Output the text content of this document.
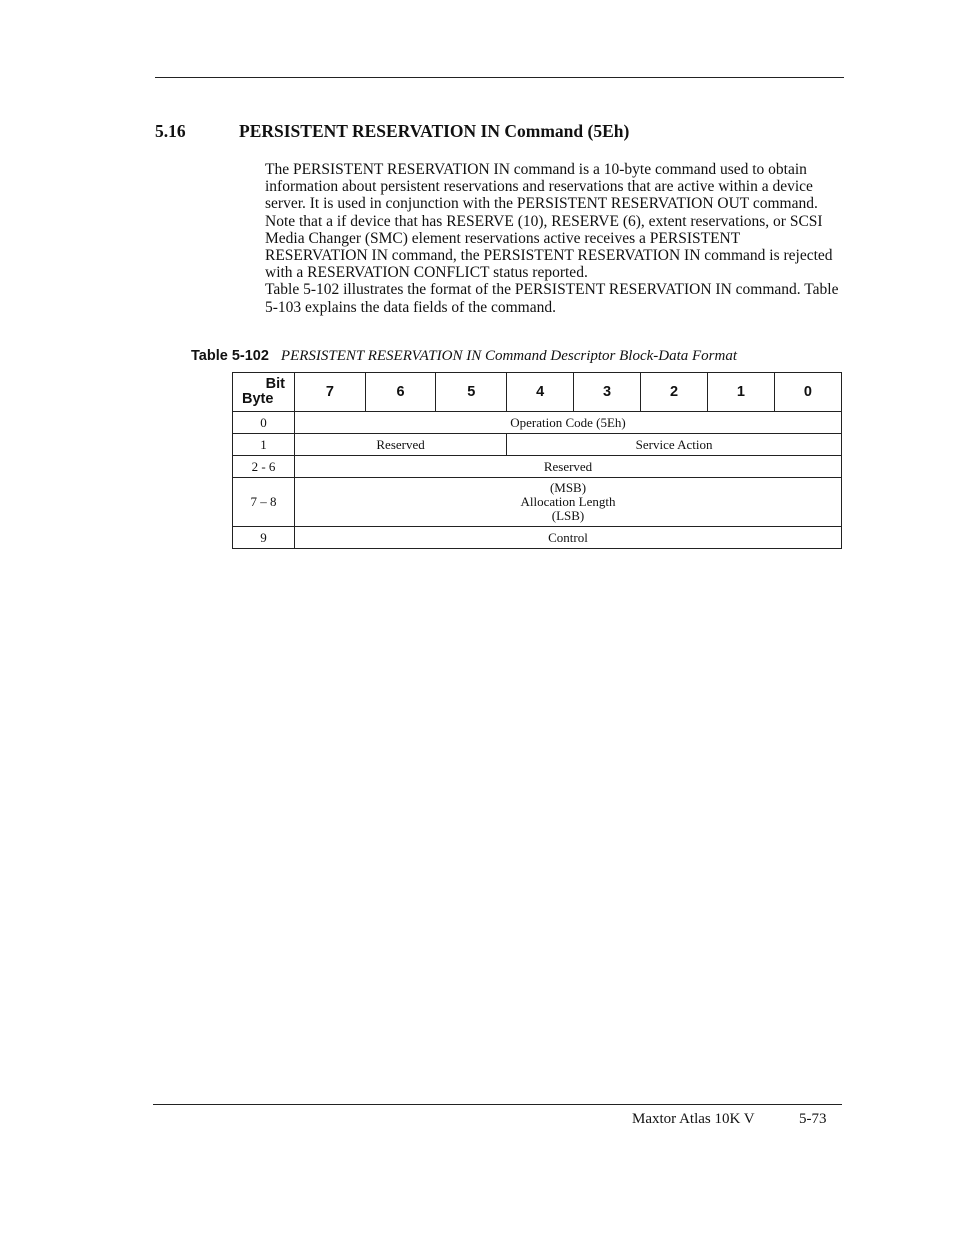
5.16	PERSISTENT RESERVATION IN Command (5Eh)

The PERSISTENT RESERVATION IN command is a 10-byte command used to obtain information about persistent reservations and reservations that are active within a device server. It is used in conjunction with the PERSISTENT RESERVATION OUT command.

Note that a if device that has RESERVE (10), RESERVE (6), extent reservations, or SCSI Media Changer (SMC) element reservations active receives a PERSISTENT RESERVATION IN command, the PERSISTENT RESERVATION IN command is rejected with a RESERVATION CONFLICT status reported.

Table 5-102 illustrates the format of the PERSISTENT RESERVATION IN command. Table 5-103 explains the data fields of the command.

Table 5-102 PERSISTENT RESERVATION IN Command Descriptor Block-Data Format
Bit
Byte	7	6	5	4	3	2	1	0
0	Operation Code (5Eh)							
1	Reserved			Service Action				
2 - 6	Reserved							
7 – 8	(MSB)
Allocation Length
(LSB)							

9	Control							
Maxtor Atlas 10K V	5-73
